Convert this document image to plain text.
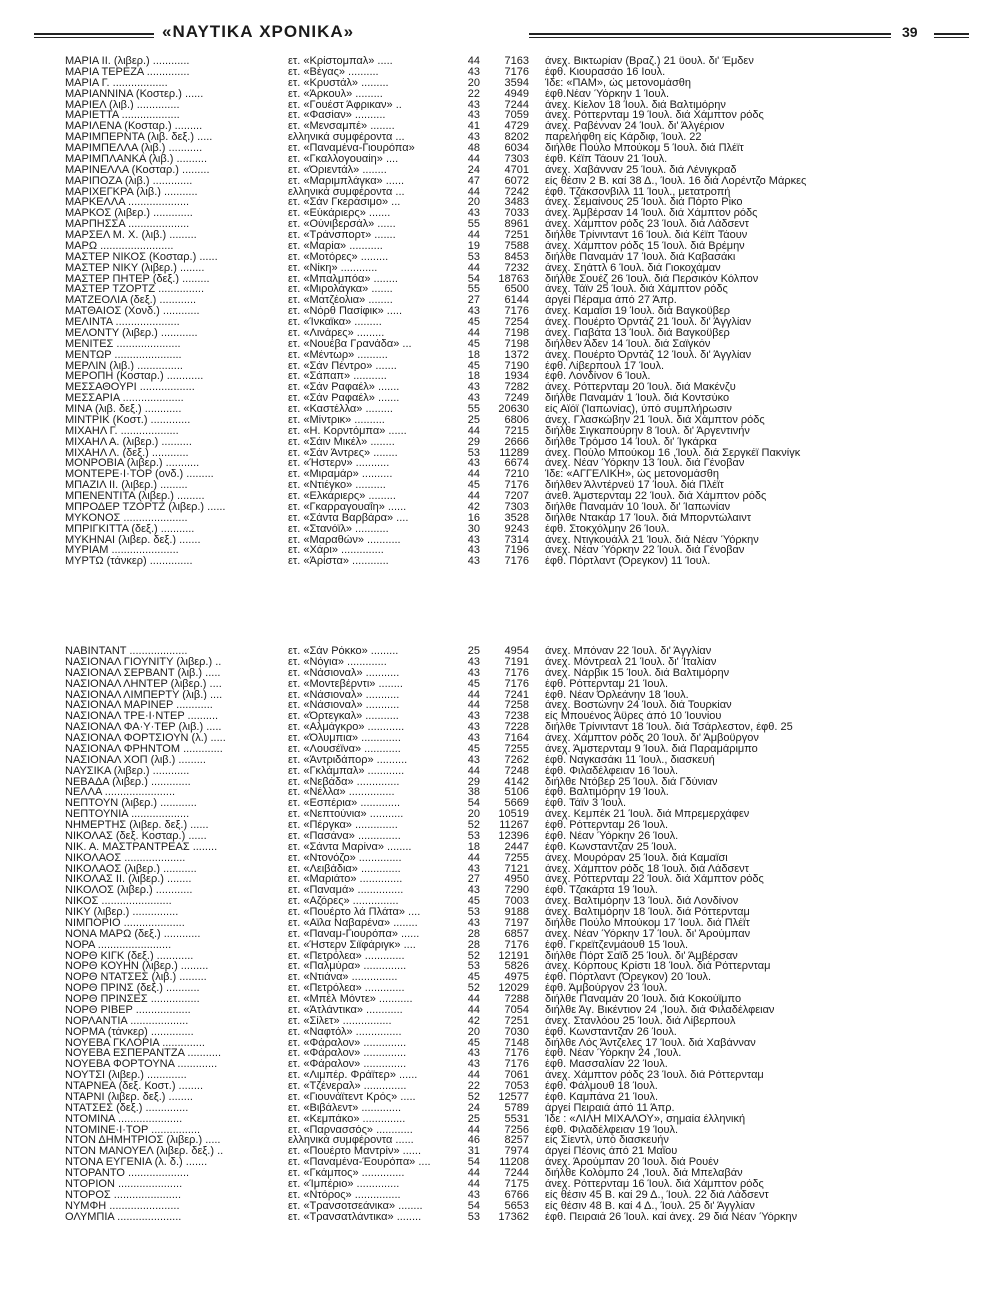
«ΝΑΥΤΙΚΑ ΧΡΟΝΙΚΑ»	39
ΜΑΡΙΑ ΙΙ. (λιβερ.) ............	ετ. «Κρίστομπαλ» .....	44	7163 άνεχ. Βικτωρίαν (Βραζ.) 21 ϋουλ. δι' Έμδεν
ΜΑΡΙΑ ΤΕΡΕΖΑ ..............	ετ. «Βέγας» ..........	43	7176 έφθ. Κιουρασάο 16 Ιουλ.
ΜΑΡΙΑ Γ. ..................	ετ. «Κρυστάλ» .........	20	3594 Ίδε: «ΠΑΜ», ώς μετονομάσθη
ΜΑΡΙΑΝΝΙΝΑ (Κοστερ.) ......	ετ. «Άρκουλ» .........	22	4949 έφθ.Νέαν Ύόρκην 1 Ίουλ.
ΜΑΡΙΕΛ (λιβ.) ..............	ετ. «Γουέστ Άφρικαν» ..	43	7244 άνεχ. Κίελον 18 Ίουλ. διά Βαλτιμόρην
ΜΑΡΙΕΤΤΑ ...................	ετ. «Φασίαν» ..........	43	7059 άνεχ. Ρόττερνταμ 19 Ίουλ. διά Χάμπτον ρόδς
ΜΑΡΙΛΕΝΑ (Κοσταρ.) .........	ετ. «Μενσαμπέ» ........	41	4729 άνεχ. Ραβένναν 24 Ίουλ. δι' Άλγέριον
ΜΑΡΙΜΠΕΡΝΤΑ (λιβ. δεξ.) .....	ελληνικά συμφέροντα ...	43	8202 παρελήφθη είς Κάρδιφ, Ίουλ. 22
ΜΑΡΙΜΠΕΛΛΑ (λιβ.) ...........	ετ. «Παναμένα-Γιουρόπα»	48	6034 διήλθε Πούλο Μπούκομ 5 Ίουλ. διά Πλέϊτ
ΜΑΡΙΜΠΛΑΝΚΑ (λιβ.) ..........	ετ. «Γκαλλογουαίη» ....	44	7303 έφθ. Κέϊπ Τάουν 21 Ίουλ.
ΜΑΡΙΝΕΛΛΑ (Κοσταρ.) .........	ετ. «Όριεντάλ» ........	24	4701 άνεχ. Χαβάνναν 25 Ίουλ. διά Λένιγκραδ
ΜΑΡΙΠΟΖΑ (λιβ.) .............	ετ. «Μαριμπλάγκα» ......	47	6072 είς θέσιν 2 Β. καί 38 Δ., Ίουλ. 16 διά Λορέντζο Μάρκες
ΜΑΡΙΧΕΓΚΡΑ (λιβ.) ...........	ελληνικά συμφέροντα ...	44	7242 έφθ. Τζάκσονβιλλ 11 Ίουλ., μετατροπή
ΜΑΡΚΕΛΛΑ ....................	ετ. «Σάν Γκεράσιμο» ...	20	3483 άνεχ. Σεμαίνους 25 Ίουλ. διά Πόρτο Ρίκο
ΜΑΡΚΟΣ (λιβερ.) .............	ετ. «Εύκάριερς» .......	43	7033 άνεχ. Άμβέρσαν 14 Ίουλ. διά Χάμπτον ρόδς
ΜΑΡΠΗΣΣΑ ....................	ετ. «Ούνιβερσάλ» ......	55	8961 άνεχ. Χάμπτον ρόδς 23 Ίουλ. διά Λάδσεντ
ΜΑΡΣΕΛ Μ. Χ. (λιβ.) .........	ετ. «Τράνσπορτ» .......	44	7251 διήλθε Τρίνινταντ 16 Ίουλ. διά Κέϊπ Τάουν
ΜΑΡΩ ........................	ετ. «Μαρία» ...........	19	7588 άνεχ. Χάμπτον ρόδς 15 Ίουλ. διά Βρέμην
ΜΑΣΤΕΡ ΝΙΚΟΣ (Κοσταρ.) ......	ετ. «Μοτόρες» .........	53	8453 διήλθε Παναμάν 17 Ίουλ. διά Καβασάκι
ΜΑΣΤΕΡ ΝΙΚΥ (λιβερ.) ........	ετ. «Νίκη» ............	44	7232 άνεχ. Σηάττλ 6 Ίουλ. διά Γιοκοχάμαν
ΜΑΣΤΕΡ ΠΗΤΕΡ (δεξ.) .........	ετ. «Μπαλμπόα» ........	54	18763 διήλθε Σουέζ 26 Ίουλ. διά Περσικόν Κόλπον
ΜΑΣΤΕΡ ΤΖΟΡΤΖ ...............	ετ. «Μιρολάγκα» .......	55	6500 άνεχ. Τάϊν 25 Ίουλ. διά Χάμπτον ρόδς
ΜΑΤΖΕΟΛΙΑ (δεξ.) ............	ετ. «Ματζέολια» ........	27	6144 άργεί Πέραμα άπό 27 Άπρ.
ΜΑΤΘΑΙΟΣ (Χονδ.) ............	ετ. «Νόρθ Πασίφικ» .....	43	7176 άνεχ. Καμαϊσι 19 Ίουλ. διά Βαγκοϋβερ
ΜΕΛΙΝΤΑ .....................	ετ. «Ίνκαϊκα» .........	45	7254 άνεχ. Πουέρτο Όρντάζ 21 Ίουλ. δι' Άγγλίαν
ΜΕΛΟΝΤΥ (λιβερ.) ............	ετ. «Λινάρες» .........	44	7198 άνεχ. Γιαβάτα 13 Ίουλ. διά Βαγκοϋβερ
ΜΕΝΙΤΕΣ .....................	ετ. «Νουέβα Γρανάδα» ...	45	7198 διήλθεν Άδεν 14 Ίουλ. διά Σαϊγκόν
ΜΕΝΤΩΡ ......................	ετ. «Μέντωρ» ..........	18	1372 άνεχ. Πουέρτο Όρντάζ 12 Ίουλ. δι' Άγγλίαν
ΜΕΡΛΙΝ (λιβ.) ...............	ετ. «Σάν Πέντρο» .......	45	7190 έφθ. Λίβερπουλ 17 Ίουλ.
ΜΕΡΟΠΗ (Κοσταρ.) ............	ετ. «Σάπαπ» ...........	18	1934 έφθ. Λονδίνον 6 Ίουλ.
ΜΕΣΣΑΘΟΥΡΙ ..................	ετ. «Σάν Ραφαέλ» .......	43	7282 άνεχ. Ρόττερνταμ 20 Ίουλ. διά Μακένζυ
ΜΕΣΣΑΡΙΑ ....................	ετ. «Σάν Ραφαέλ» .......	43	7249 διήλθε Παναμάν 1 Ίουλ. διά Κοντσύκο
ΜΙΝΑ (λιβ. δεξ.) ............	ετ. «Καστέλλα» .........	55	20630 είς Αϊόϊ (Ίαπωνίας), ύπό συμπλήρωσιν
ΜΙΝΤΡΙΚ (Κοστ.) .............	ετ. «Μίντρικ» ..........	25	6806 άνεχ. Γλασκώβην 21 Ίουλ. διά Χάμπτον ρόδς
ΜΙΧΑΗΛ Γ. ...................	ετ. «Η. Κορντόμπα» ......	44	7215 διήλθε Σιγκαπούρην 8 Ίουλ. δι' Άργεντινήν
ΜΙΧΑΗΛ Α. (λιβερ.) ..........	ετ. «Σάιν Μικέλ» ........	29	2666 διήλθε Τρόμσο 14 Ίουλ. δι' Ίγκάρκα
ΜΙΧΑΗΛ Λ. (δεξ.) ............	ετ. «Σάν Άντρες» ........	53	11289 άνεχ. Πούλο Μπούκομ 16 ,Ίουλ. διά Σεργκέϊ Πακνίγκ
ΜΟΝΡΟΒΙΑ (λιβερ.) ...........	ετ. «Ήστερν» ...........	43	6674 άνεχ. Νέαν Ύόρκην 13 Ίουλ. διά Γένοβαν
ΜΟΝΤΕΡΕ·Ι·ΤΟΡ (ονδ.) .........	ετ. «Μιραμάρ» ..........	44	7210 Ίδε: «ΑΓΓΕΛΙΚΗ», ώς μετονομάσθη
ΜΠΑΖΙΛ ΙΙ. (λιβερ.) .........	ετ. «Ντιέγκο» ..........	45	7176 διήλθεν Άλντέρνεϋ 17 Ίουλ. διά Πλέϊτ
ΜΠΕΝΕΝΤΙΤΑ (λιβερ.) .........	ετ. «Ελκάριερς» .........	44	7207 άνεθ. Άμστερνταμ 22 Ίουλ. διά Χάμπτον ρόδς
ΜΠΡΟΔΕΡ ΤΖΟΡΤΖ (λιβερ.) ......	ετ. «Γκαρραγουαΐη» ......	42	7303 διήλθε Παναμάν 10 Ίουλ. δι' Ίαπωνίαν
ΜΥΚΟΝΟΣ .....................	ετ. «Σάντα Βαρβάρα» ....	16	3528 διήλθε Ντακάρ 17 Ίουλ. διά Μπορντώλαιντ
ΜΠΡΙΓΚΙΤΤΑ (δεξ.) ...........	ετ. «Στανόϊλ» ...........	30	9243 έφθ. Στοκχόλμην 26 Ίουλ.
ΜΥΚΗΝΑΙ (λιβερ. δεξ.) .......	ετ. «Μαραθών» ...........	43	7314 άνεχ. Ντιγκουάλλ 21 Ίουλ. διά Νέαν Ύόρκην
ΜΥΡΙΑΜ ......................	ετ. «Χάρι» ..............	43	7196 άνεχ. Νέαν Ύόρκην 22 Ίουλ. διά Γένοβαν
ΜΥΡΤΩ (τάνκερ) ..............	ετ. «Άρίστα» ............	43	7176 έφθ. Πόρτλαντ (Όρεγκον) 11 Ίουλ.
ΝΑΒΙΝΤΑΝΤ ...................	ετ. «Σάν Ρόκκο» .........	25	4954 άνεχ. Μπόναν 22 Ίουλ. δι' Άγγλίαν
ΝΑΣΙΟΝΑΛ ΓΙΟΥΝΙΤΥ (λιβερ.) ..	ετ. «Νόγια» .............	43	7191 άνεχ. Μόντρεαλ 21 Ίουλ. δι' Ίταλίαν
ΝΑΣΙΟΝΑΛ ΣΕΡΒΑΝΤ (λιβ.) .....	ετ. «Νάσιοναλ» ...........	43	7176 άνεχ. Νάρβικ 15 Ίουλ. διά Βαλτιμόρην
ΝΑΣΙΟΝΑΛ ΛΗΝΤΕΡ (λιβερ.) ....	ετ. «Μοντεβέρντι» ........	45	7176 έφθ. Ρόττερνταμ 21 Ίουλ.
ΝΑΣΙΟΝΑΛ ΛΙΜΠΕΡΤΥ (λιβ.) ....	ετ. «Νάσιοναλ» ...........	44	7241 έφθ. Νέαν Όρλεάνην 18 Ίουλ.
ΝΑΣΙΟΝΑΛ ΜΑΡΙΝΕΡ ............	ετ. «Νάσιοναλ» ...........	44	7258 άνεχ. Βοστώνην 24 Ίουλ. διά Τουρκίαν
ΝΑΣΙΟΝΑΛ ΤΡΕ·Ι·ΝΤΕΡ ..........	ετ. «Όρτεγκαλ» ...........	43	7238 είς Μπουένος Άϋρες άπό 10 Ίουνίου
ΝΑΣΙΟΝΑΛ ΦΑ·Υ·ΤΕΡ (λιβ.) .....	ετ. «Αλμάγκρο» ............	43	7228 διήλθε Τρίνινταντ 18 Ίουλ. διά Τσάρλεστον, έφθ. 25
ΝΑΣΙΟΝΑΛ ΦΟΡΤΣΙΟΥΝ (λ.) .....	ετ. «Όλυμπια» .............	43	7164 άνεχ. Χάμπτον ρόδς 20 Ίουλ. δι' Άμβοϋργον
ΝΑΣΙΟΝΑΛ ΦΡΗΝΤΟΜ .............	ετ. «Λουσέϊνα» ............	45	7255 άνεχ. Άμστερνταμ 9 Ίουλ. διά Παραμάριμπο
ΝΑΣΙΟΝΑΛ ΧΟΠ (λιβ.) .........	ετ. «Άντριδάπορ» ..........	43	7262 έφθ. Ναγκασάκι 11 Ίουλ., διασκευή
ΝΑΥΣΙΚΑ (λιβερ.) ............	ετ. «Γκλάμπαλ» ............	44	7248 έφθ. Φιλαδέλφειαν 16 Ίουλ.
ΝΕΒΑΔΑ (λιβερ.) .............	ετ. «Νεβάδα» ..............	29	4142 διήλθε Ντόβερ 25 Ίουλ. διά Γδύνιαν
ΝΕΛΛΑ .......................	ετ. «Νέλλα» ...............	38	5106 έφθ. Βαλτιμόρην 19 Ίουλ.
ΝΕΠΤΟΥΝ (λιβερ.) ............	ετ. «Εσπέρια» .............	54	5669 έφθ. Τάϊν 3 Ίουλ.
ΝΕΠΤΟΥΝΙΑ ...................	ετ. «Νεπτούνια» ...........	20	10519 άνεχ. Κεμπέκ 21 Ίουλ. διά Μπρεμερχάφεν
ΝΗΜΕΡΤΗΣ (λιβερ. δεξ.) ......	ετ. «Πέργκα» ..............	52	11267 έφθ. Ρόττερνταμ 26 Ίουλ.
ΝΙΚΟΛΑΣ (δεξ. Κοσταρ.) ......	ετ. «Πασάνα» ..............	53	12396 έφθ. Νέαν Ύόρκην 26 Ίουλ.
ΝΙΚ. Α. ΜΑΣΤΡΑΝΤΡΕΑΣ ........	ετ. «Σάντα Μαρίνα» ........	18	2447 έφθ. Κωνσταντζαν 25 Ίουλ.
ΝΙΚΟΛΑΟΣ ....................	ετ. «Ντονόζο» ..............	44	7255 άνεχ. Μουρόραν 25 Ίουλ. διά Καμαϊσι
ΝΙΚΟΛΑΟΣ (λιβερ.) ...........	ετ. «Λειβάδια» .............	43	7121 άνεχ. Χάμπτον ρόδς 18 Ίουλ. διά Λάδσεντ
ΝΙΚΟΛΑΣ ΙΙ. (λιβερ.) ........	ετ. «Μαριάτο» ..............	27	4950 άνεχ. Ρόττερνταμ 22 Ίουλ. διά Χάμπτον ρόδς
ΝΙΚΟΛΟΣ (λιβερ.) ............	ετ. «Παναμά» ...............	43	7290 έφθ. Τζακάρτα 19 Ίουλ.
ΝΙΚΟΣ .......................	ετ. «Αζόρες» ...............	45	7003 άνεχ. Βαλτιμόρην 13 Ίουλ. διά Λονδίνον
ΝΙΚΥ (λιβερ.) ...............	ετ. «Πουέρτο λά Πλάτα» ....	53	9188 άνεχ. Βαλτιμόρην 18 Ίουλ. διά Ρόττερνταμ
ΝΙΜΠΟΡΙΟ ....................	ετ. «Αϊλα Ναβαρένα» ........	43	7197 διήλθε Πούλο Μπούκομ 17 Ίουλ. διά Πλέϊτ
ΝΟΝΑ ΜΑΡΩ (δεξ.) ............	ετ. «Παναμ-Γιουρόπα» ......	28	6857 άνεχ. Νέαν Ύόρκην 17 Ίουλ. δι' Άρούμπαν
ΝΟΡΑ ........................	ετ. «Ήστερν Σιϊφάριγκ» ....	28	7176 έφθ. Γκρεϊτζενμάουθ 15 Ίουλ.
ΝΟΡΘ ΚΙΓΚ (δεξ.) ............	ετ. «Πετρόλεα» .............	52	12191 διήλθε Πόρτ Σαϊδ 25 Ίουλ. δι' Άμβέρσαν
ΝΟΡΘ ΚΟΥΗΝ (λιβερ.) .........	ετ. «Παλμύρα» ..............	53	5826 άνεχ. Κόρπους Κρίστι 18 Ίουλ. διά Ρόττερνταμ
ΝΟΡΘ ΝΤΑΤΣΕΣ (λιβ.) .........	ετ. «Ντιάνα» ...............	45	4975 έφθ. Πόρτλαντ (Όρεγκον) 20 Ίουλ.
ΝΟΡΘ ΠΡΙΝΣ (δεξ.) ...........	ετ. «Πετρόλεα» .............	52	12029 έφθ. Άμβούργον 23 Ίουλ.
ΝΟΡΘ ΠΡΙΝΣΕΣ ................	ετ. «Μπέλ Μόντε» ...........	44	7288 διήλθε Παναμάν 20 Ίουλ. διά Κοκούϊμπο
ΝΟΡΘ ΡΙΒΕΡ ..................	ετ. «Άτλάντικα» ............	44	7054 διήλθε Άγ. Βικέντιον 24 ,Ίουλ. διά Φιλαδέλφειαν
ΝΟΡΛΑΝΤΙΑ ...................	ετ. «Σίλετ» ................	42	7251 άνεχ. Στανλόου 25 Ίουλ. διά Λίβερπουλ
ΝΟΡΜΑ (τάνκερ) ..............	ετ. «Ναφτόλ» ...............	20	7030 έφθ. Κωνσταντζαν 26 Ίουλ.
ΝΟΥΕΒΑ ΓΚΛΟΡΙΑ ..............	ετ. «Φάραλον» ..............	45	7148 διήλθε Λός Άντζελες 17 Ίουλ. διά Χαβάνναν
ΝΟΥΕΒΑ ΕΣΠΕΡΑΝΤΖΑ ...........	ετ. «Φάραλον» ..............	43	7176 έφθ. Νέαν Ύόρκην 24 ,Ίουλ.
ΝΟΥΕΒΑ ΦΟΡΤΟΥΝΑ .............	ετ. «Φάραλον» ..............	43	7176 έφθ. Μασσαλίαν 22 Ίουλ.
ΝΟΥΤΣΙ (λιβερ.) .............	ετ. «Λιμπέρ. Φράϊτερ» ......	44	7061 άνεχ. Χάμπτον ρόδς 23 Ίουλ. διά Ρόττερνταμ
ΝΤΑΡΝΕΑ (δεξ. Κοστ.) ........	ετ. «Τζένεραλ» ..............	22	7053 έφθ. Φάλμουθ 18 Ίουλ.
ΝΤΑΡΝΙ (λιβερ. δεξ.) ........	ετ. «Γιουνάϊτεντ Κρός» .....	52	12577 έφθ. Καμπάνα 21 Ίουλ.
ΝΤΑΤΣΕΣ (δεξ.) ..............	ετ. «Βιβάλεντ» .............	24	5789 άργεί Πειραιά άπό 11 Άπρ.
ΝΤΟΜΙΝΑ .....................	ετ. «Κεμπάκο» ..............	25	5531 Ίδε : «ΛΙΛΗ ΜΙΧΑΛΟΥ», σημαία έλληνική
ΝΤΟΜΙΝΕ·Ι·ΤΟΡ ................	ετ. «Παρνασσός» ............	44	7256 έφθ. Φιλαδέλφειαν 19 Ίουλ.
ΝΤΟΝ ΔΗΜΗΤΡΙΟΣ (λιβερ.) .....	ελληνικά συμφέροντα ......	46	8257 είς Σίεντλ, ύπό διασκευήν
ΝΤΟΝ ΜΑΝΟΥΕΛ (λιβερ. δεξ.) ..	ετ. «Πουέρτο Μαντρίν» ......	31	7974 άργεί Πέονις άπό 21 Μαΐου
ΝΤΟΝΑ ΕΥΓΕΝΙΑ (λ. δ.) .......	ετ. «Παναμένα-Έουρόπα» ....	54	11208 άνεχ. Άρούμπαν 20 Ίουλ. διά Ρουέν
ΝΤΟΡΑΝΤΟ ....................	ετ. «Γκάμπος» ..............	44	7244 διήλθε Κολόμπο 24 ,Ίουλ. διά Μπελαβάν
ΝΤΟΡΙΟΝ .....................	ετ. «Ίμπέριο» ..............	44	7175 άνεχ. Ρόττερνταμ 16 Ίουλ. διά Χάμπτον ρόδς
ΝΤΟΡΟΣ ......................	ετ. «Ντόρος» ...............	43	6766 είς θέσιν 45 Β. καί 29 Δ., Ίουλ. 22 διά Λάδσεντ
ΝΥΜΦΗ .......................	ετ. «Τρανσοτσεάνικα» ........	54	5653 είς θέσιν 48 Β. καί 4 Δ., Ίουλ. 25 δι' Άγγλίαν
ΟΛΥΜΠΙΑ .....................	ετ. «Τρανσατλάντικα» ........	53	17362 έφθ. Πειραιά 26 Ίουλ. καί άνεχ. 29 διά Νέαν Ύόρκην
